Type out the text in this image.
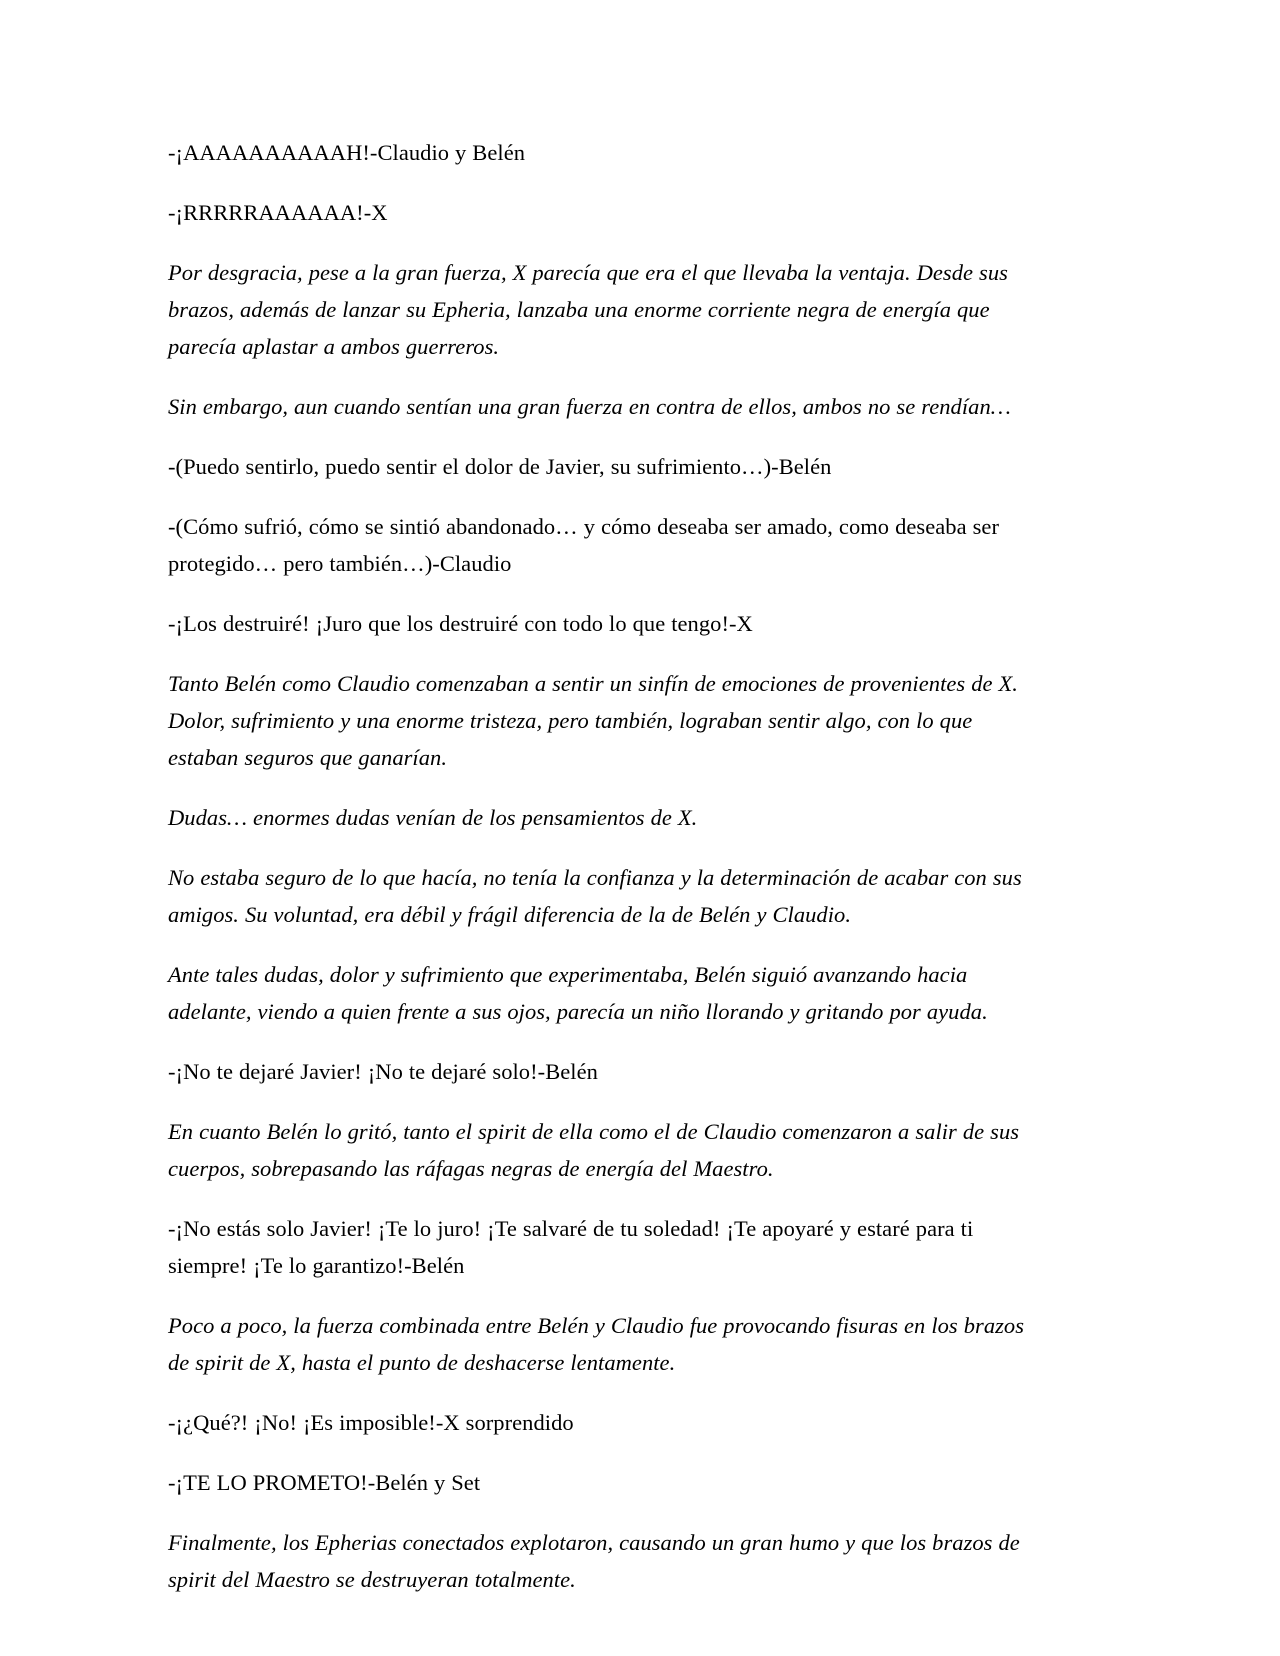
-¡AAAAAAAAAAH!-Claudio y Belén

-¡RRRRRAAAAAA!-X

Por desgracia, pese a la gran fuerza, X parecía que era el que llevaba la ventaja. Desde sus brazos, además de lanzar su Epheria, lanzaba una enorme corriente negra de energía que parecía aplastar a ambos guerreros.

Sin embargo, aun cuando sentían una gran fuerza en contra de ellos, ambos no se rendían…

-(Puedo sentirlo, puedo sentir el dolor de Javier, su sufrimiento…)-Belén

-(Cómo sufrió, cómo se sintió abandonado… y cómo deseaba ser amado, como deseaba ser protegido… pero también…)-Claudio

-¡Los destruiré! ¡Juro que los destruiré con todo lo que tengo!-X

Tanto Belén como Claudio comenzaban a sentir un sinfín de emociones de provenientes de X. Dolor, sufrimiento y una enorme tristeza, pero también, lograban sentir algo, con lo que estaban seguros que ganarían.

Dudas… enormes dudas venían de los pensamientos de X.

No estaba seguro de lo que hacía, no tenía la confianza y la determinación de acabar con sus amigos. Su voluntad, era débil y frágil diferencia de la de Belén y Claudio.

Ante tales dudas, dolor y sufrimiento que experimentaba, Belén siguió avanzando hacia adelante, viendo a quien frente a sus ojos, parecía un niño llorando y gritando por ayuda.

-¡No te dejaré Javier! ¡No te dejaré solo!-Belén

En cuanto Belén lo gritó, tanto el spirit de ella como el de Claudio comenzaron a salir de sus cuerpos, sobrepasando las ráfagas negras de energía del Maestro.

-¡No estás solo Javier! ¡Te lo juro! ¡Te salvaré de tu soledad! ¡Te apoyaré y estaré para ti siempre! ¡Te lo garantizo!-Belén

Poco a poco, la fuerza combinada entre Belén y Claudio fue provocando fisuras en los brazos de spirit de X, hasta el punto de deshacerse lentamente.

-¡¿Qué?! ¡No! ¡Es imposible!-X sorprendido

-¡TE LO PROMETO!-Belén y Set

Finalmente, los Epherias conectados explotaron, causando un gran humo y que los brazos de spirit del Maestro se destruyeran totalmente.
